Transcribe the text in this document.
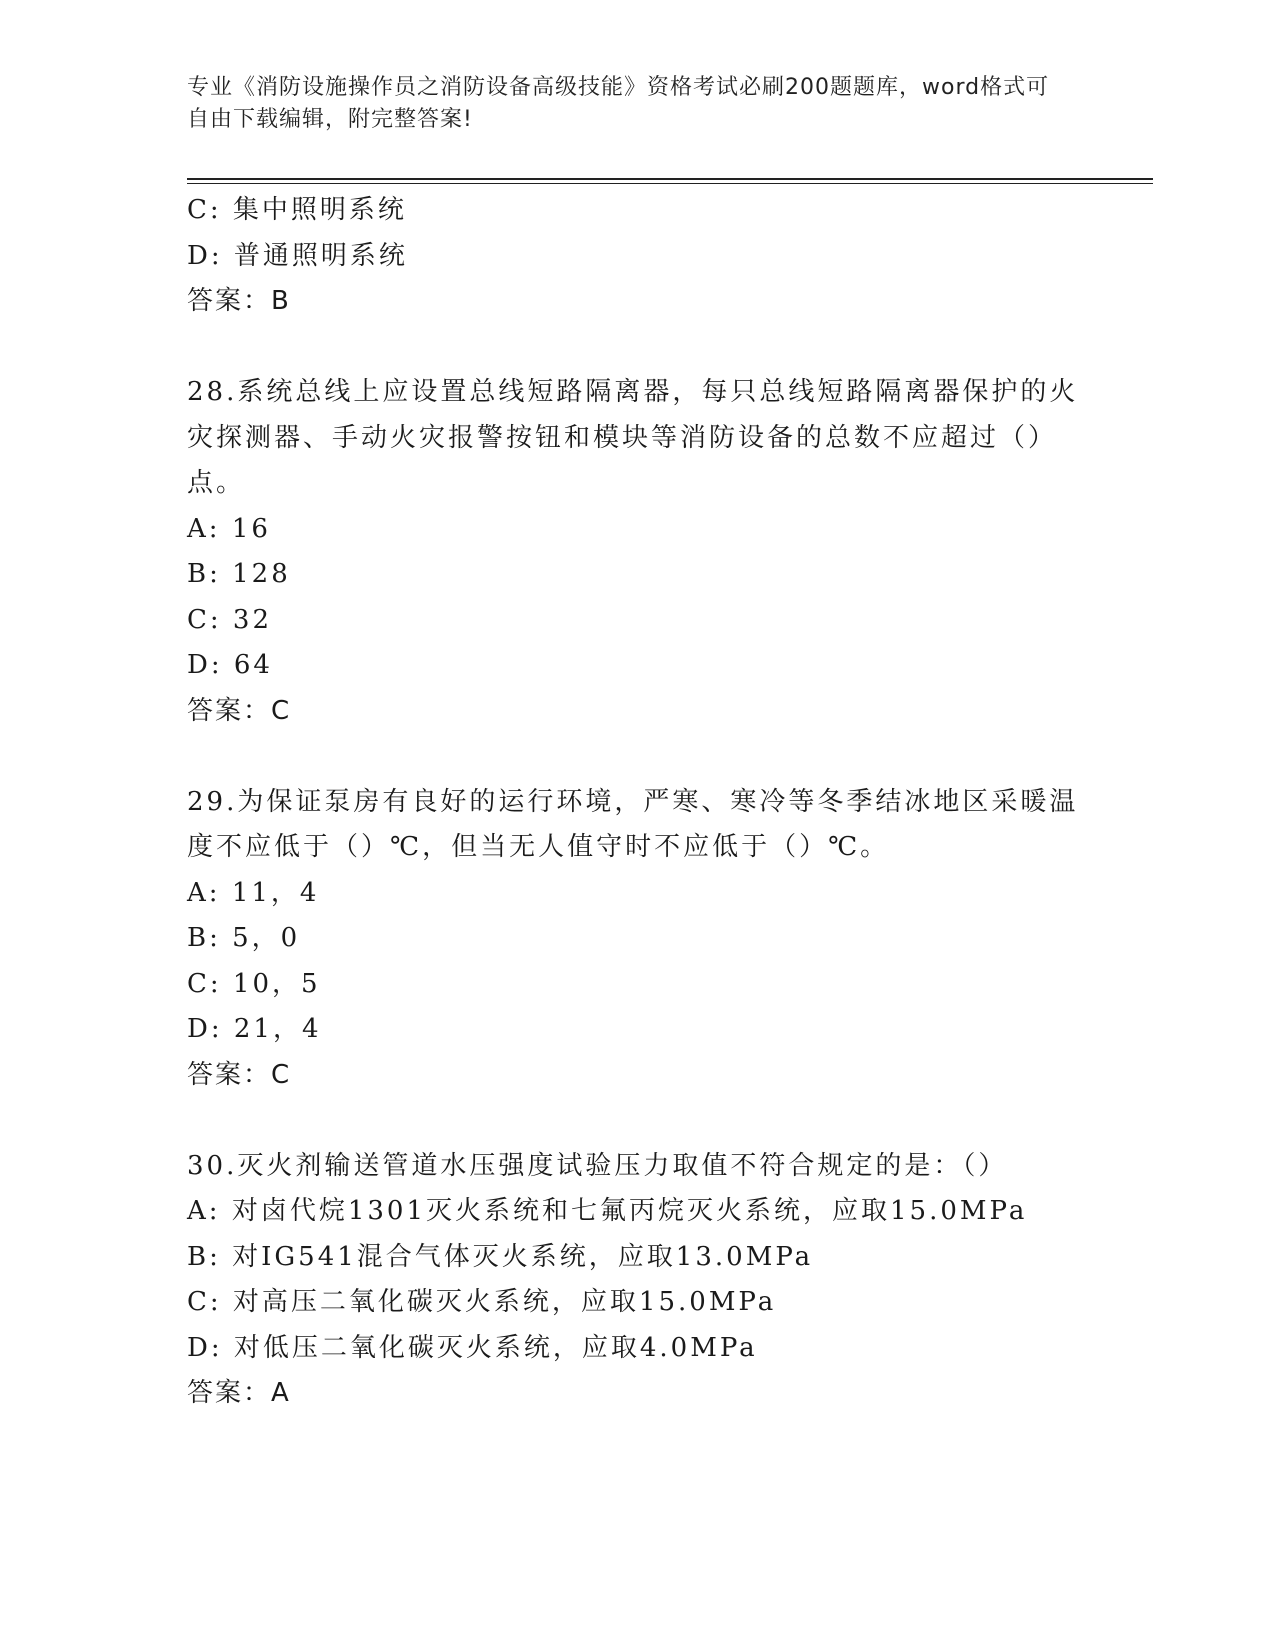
专业《消防设施操作员之消防设备高级技能》资格考试必刷200题题库，word格式可自由下载编辑，附完整答案!
C: 集中照明系统
D: 普通照明系统
答案：B
28.系统总线上应设置总线短路隔离器，每只总线短路隔离器保护的火
灾探测器、手动火灾报警按钮和模块等消防设备的总数不应超过（）
点。
A: 16
B: 128
C: 32
D: 64
答案：C
29.为保证泵房有良好的运行环境，严寒、寒冷等冬季结冰地区采暖温
度不应低于（）℃，但当无人值守时不应低于（）℃。
A: 11，4
B: 5，0
C: 10，5
D: 21，4
答案：C
30.灭火剂输送管道水压强度试验压力取值不符合规定的是：（）
A: 对卤代烷1301灭火系统和七氟丙烷灭火系统，应取15.0MPa
B: 对IG541混合气体灭火系统，应取13.0MPa
C: 对高压二氧化碳灭火系统，应取15.0MPa
D: 对低压二氧化碳灭火系统，应取4.0MPa
答案：A
